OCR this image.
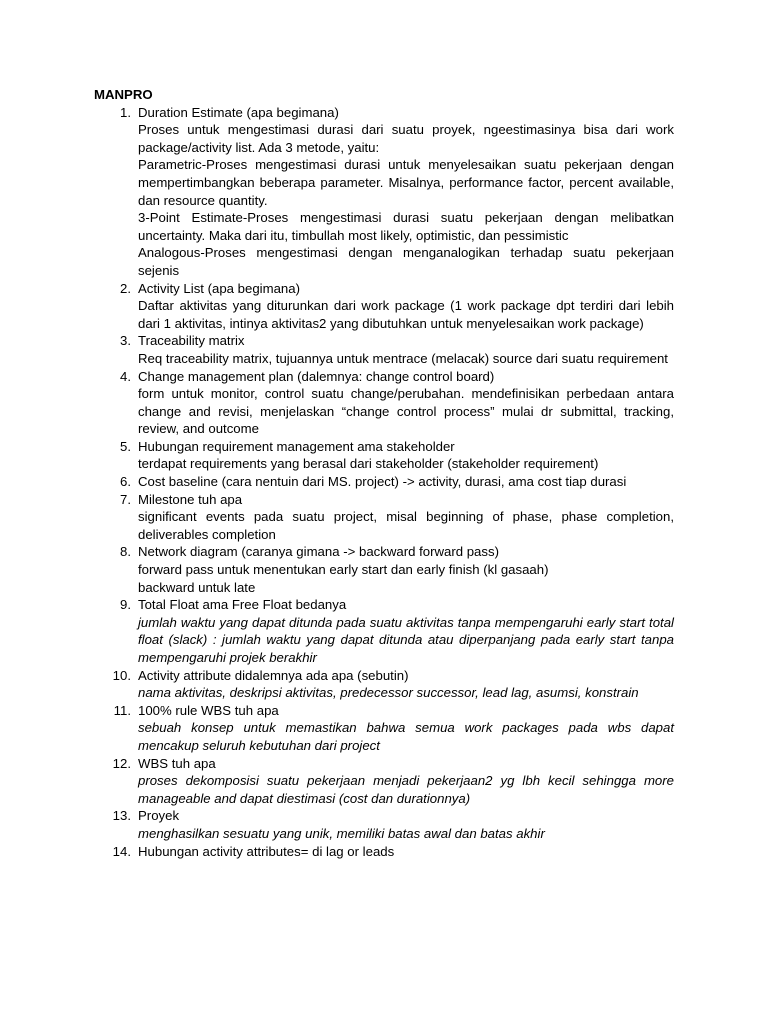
MANPRO

1. Duration Estimate (apa begimana)
Proses untuk mengestimasi durasi dari suatu proyek, ngeestimasinya bisa dari work package/activity list. Ada 3 metode, yaitu:
Parametric-Proses mengestimasi durasi untuk menyelesaikan suatu pekerjaan dengan mempertimbangkan beberapa parameter. Misalnya, performance factor, percent available, dan resource quantity.
3-Point Estimate-Proses mengestimasi durasi suatu pekerjaan dengan melibatkan uncertainty. Maka dari itu, timbullah most likely, optimistic, dan pessimistic
Analogous-Proses mengestimasi dengan menganalogikan terhadap suatu pekerjaan sejenis
2. Activity List (apa begimana)
Daftar aktivitas yang diturunkan dari work package (1 work package dpt terdiri dari lebih dari 1 aktivitas, intinya aktivitas2 yang dibutuhkan untuk menyelesaikan work package)
3. Traceability matrix
Req traceability matrix, tujuannya untuk mentrace (melacak) source dari suatu requirement
4. Change management plan (dalemnya: change control board)
form untuk monitor, control suatu change/perubahan. mendefinisikan perbedaan antara change and revisi, menjelaskan “change control process” mulai dr submittal, tracking, review, and outcome
5. Hubungan requirement management ama stakeholder
terdapat requirements yang berasal dari stakeholder (stakeholder requirement)
6. Cost baseline (cara nentuin dari MS. project) -> activity, durasi, ama cost tiap durasi
7. Milestone tuh apa
significant events pada suatu project, misal beginning of phase, phase completion, deliverables completion
8. Network diagram (caranya gimana -> backward forward pass)
forward pass untuk menentukan early start dan early finish (kl gasaah)
backward untuk late
9. Total Float ama Free Float bedanya
jumlah waktu yang dapat ditunda pada suatu aktivitas tanpa mempengaruhi early start total float (slack) : jumlah waktu yang dapat ditunda atau diperpanjang pada early start tanpa mempengaruhi projek berakhir
10. Activity attribute didalemnya ada apa (sebutin)
nama aktivitas, deskripsi aktivitas, predecessor successor, lead lag, asumsi, konstrain
11. 100% rule WBS tuh apa
sebuah konsep untuk memastikan bahwa semua work packages pada wbs dapat mencakup seluruh kebutuhan dari project
12. WBS tuh apa
proses dekomposisi suatu pekerjaan menjadi pekerjaan2 yg lbh kecil sehingga more manageable and dapat diestimasi (cost dan durationnya)
13. Proyek
menghasilkan sesuatu yang unik, memiliki batas awal dan batas akhir
14. Hubungan activity attributes= di lag or leads
